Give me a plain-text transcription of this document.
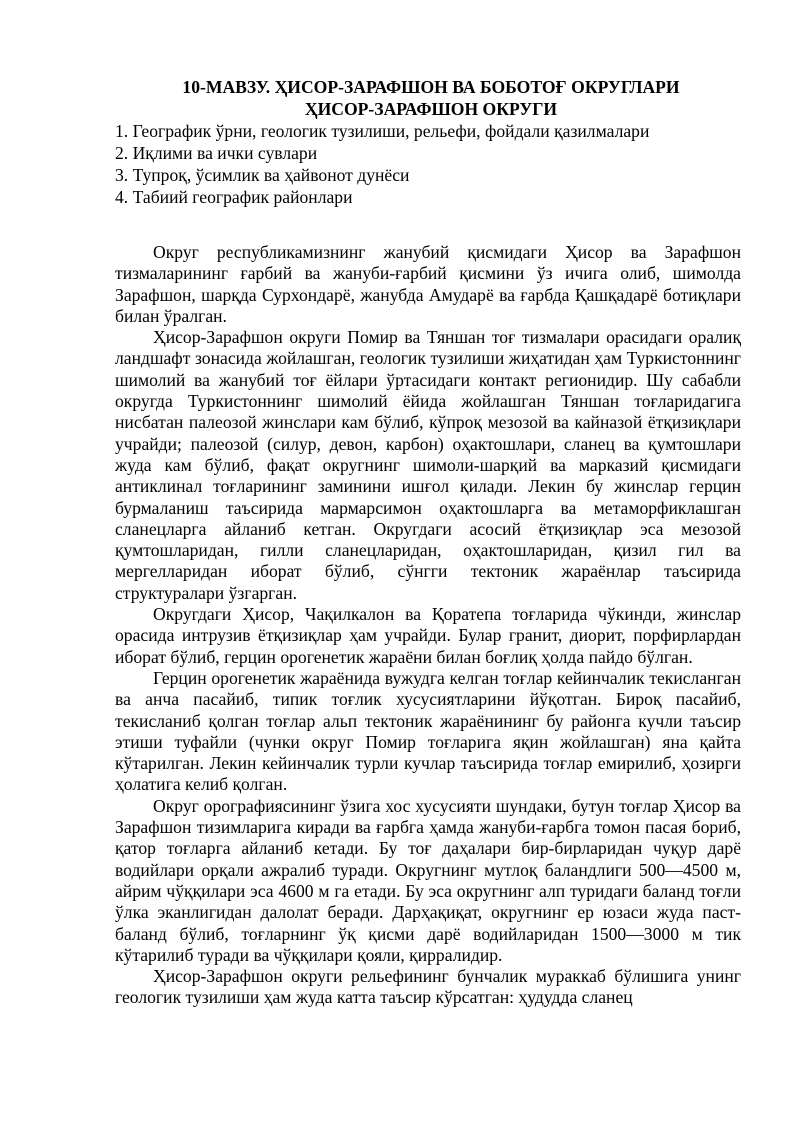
10-МАВЗУ. ҲИСОР-ЗАРАФШОН ВА БОБОТОҒ ОКРУГЛАРИ
ҲИСОР-ЗАРАФШОН ОКРУГИ
1. Географик ўрни, геологик тузилиши, рельефи, фойдали қазилмалари
2. Иқлими ва ички сувлари
3. Тупроқ, ўсимлик ва ҳайвонот дунёси
4. Табиий географик районлари

Округ республикамизнинг жанубий қисмидаги Ҳисор ва Зарафшон тизмаларининг ғарбий ва жануби-ғарбий қисмини ўз ичига олиб, шимолда Зарафшон, шарқда Сурхондарё, жанубда Амударё ва ғарбда Қашқадарё ботиқлари билан ўралган.

Ҳисор-Зарафшон округи Помир ва Тяншан тоғ тизмалари орасидаги оралиқ ландшафт зонасида жойлашган, геологик тузилиши жиҳатидан ҳам Туркистоннинг шимолий ва жанубий тоғ ёйлари ўртасидаги контакт регионидир. Шу сабабли округда Туркистоннинг шимолий ёйида жойлашган Тяншан тоғларидагига нисбатан палеозой жинслари кам бўлиб, кўпроқ мезозой ва кайназой ётқизиқлари учрайди; палеозой (силур, девон, карбон) оҳактошлари, сланец ва қумтошлари жуда кам бўлиб, фақат округнинг шимоли-шарқий ва марказий қисмидаги антиклинал тоғларининг заминини ишғол қилади. Лекин бу жинслар герцин бурмаланиш таъсирида мармарсимон оҳактошларга ва метаморфиклашган сланецларга айланиб кетган. Округдаги асосий ётқизиқлар эса мезозой қумтошларидан, гилли сланецларидан, оҳактошларидан, қизил гил ва мергелларидан иборат бўлиб, сўнгги тектоник жараёнлар таъсирида структуралари ўзгарган.

Округдаги Ҳисор, Чақилкалон ва Қоратепа тоғларида чўкинди, жинслар орасида интрузив ётқизиқлар ҳам учрайди. Булар гранит, диорит, порфирлардан иборат бўлиб, герцин орогенетик жараёни билан боғлиқ ҳолда пайдо бўлган.

Герцин орогенетик жараёнида вужудга келган тоғлар кейинчалик текисланган ва анча пасайиб, типик тоғлик хусусиятларини йўқотган. Бироқ пасайиб, текисланиб қолган тоғлар альп тектоник жараёнининг бу районга кучли таъсир этиши туфайли (чунки округ Помир тоғларига яқин жойлашган) яна қайта кўтарилган. Лекин кейинчалик турли кучлар таъсирида тоғлар емирилиб, ҳозирги ҳолатига келиб қолган.

Округ орографиясининг ўзига хос хусусияти шундаки, бутун тоғлар Ҳисор ва Зарафшон тизимларига киради ва ғарбга ҳамда жануби-ғарбга томон пасая бориб, қатор тоғларга айланиб кетади. Бу тоғ даҳалари бир-бирларидан чуқур дарё водийлари орқали ажралиб туради. Округнинг мутлоқ баландлиги 500—4500 м, айрим чўққилари эса 4600 м га етади. Бу эса округнинг алп туридаги баланд тоғли ўлка эканлигидан далолат беради. Дарҳақиқат, округнинг ер юзаси жуда паст-баланд бўлиб, тоғларнинг ўқ қисми дарё водийларидан 1500—3000 м тик кўтарилиб туради ва чўққилари қояли, қирралидир.

Ҳисор-Зарафшон округи рельефининг бунчалик мураккаб бўлишига унинг геологик тузилиши ҳам жуда катта таъсир кўрсатган: ҳудудда сланец
